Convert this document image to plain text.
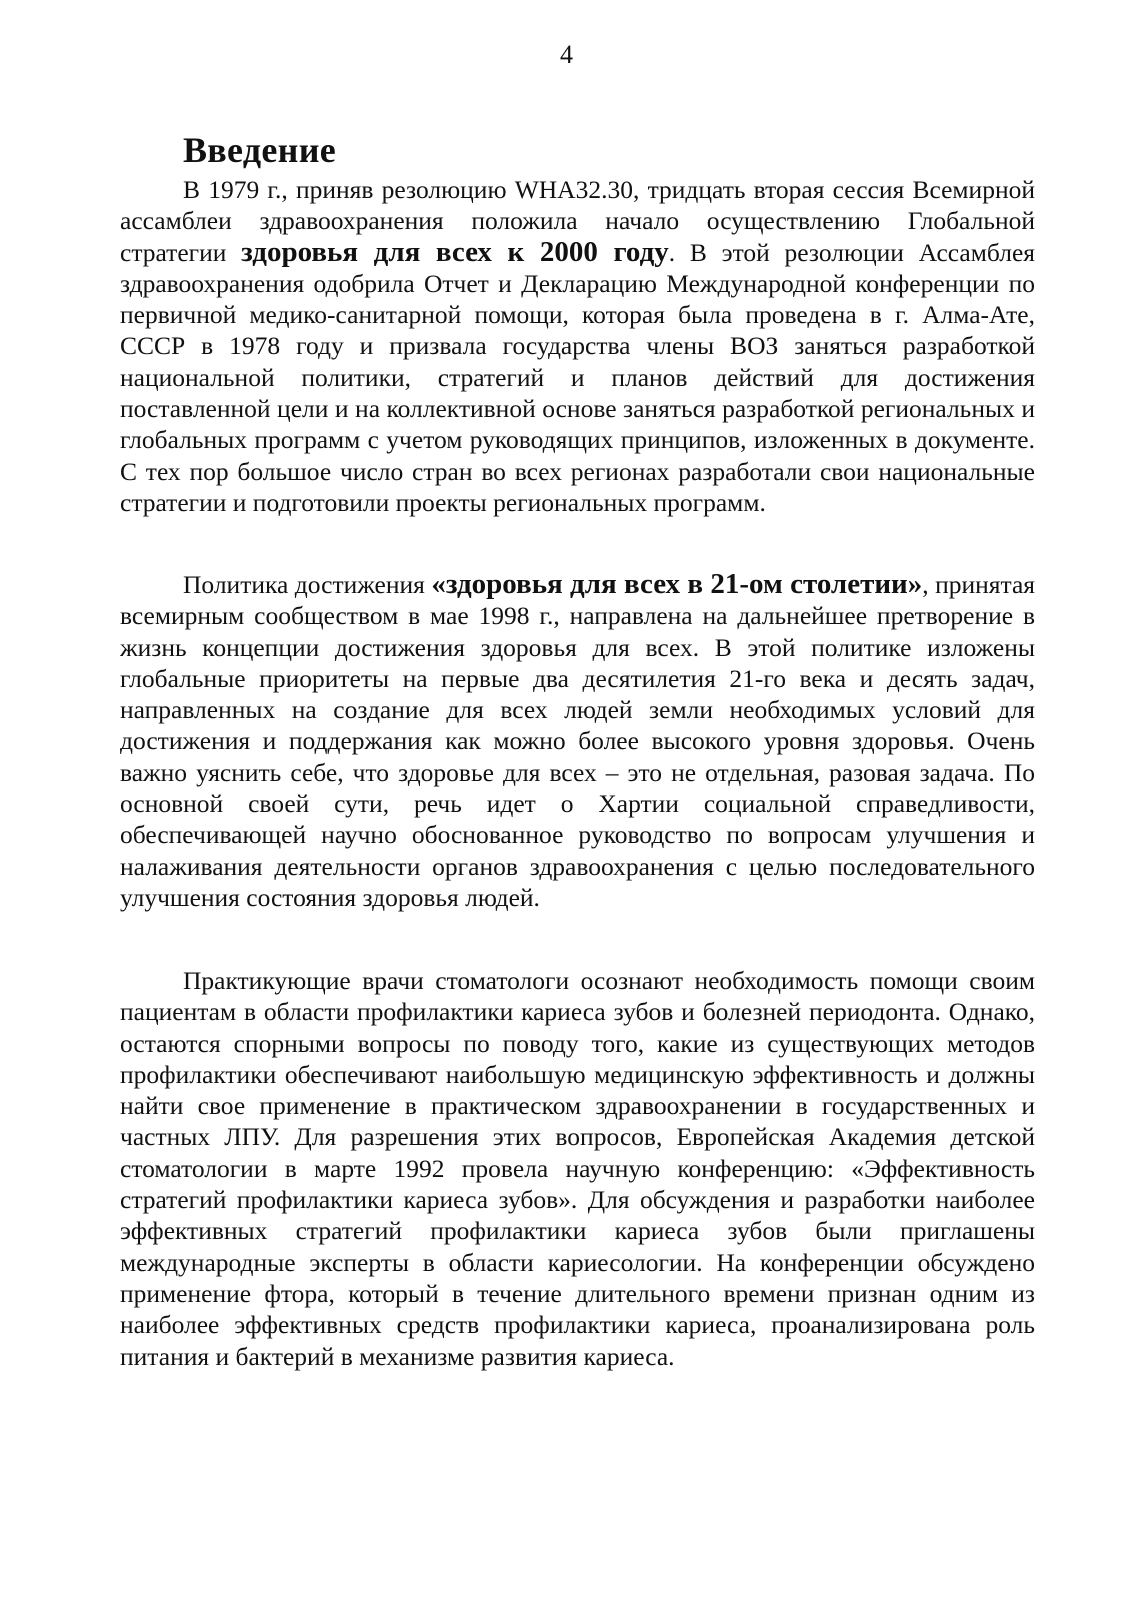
4
Введение

В 1979 г., приняв резолюцию WHA32.30, тридцать вторая сессия Всемирной ассамблеи здравоохранения положила начало осуществлению Глобальной стратегии здоровья для всех к 2000 году. В этой резолюции Ассамблея здравоохранения одобрила Отчет и Декларацию Международной конференции по первичной медико-санитарной помощи, которая была проведена в г. Алма-Ате, СССР в 1978 году и призвала государства члены ВОЗ заняться разработкой национальной политики, стратегий и планов действий для достижения поставленной цели и на коллективной основе заняться разработкой региональных и глобальных программ с учетом руководящих принципов, изложенных в документе. С тех пор большое число стран во всех регионах разработали свои национальные стратегии и подготовили проекты региональных программ.

Политика достижения «здоровья для всех в 21-ом столетии», принятая всемирным сообществом в мае 1998 г., направлена на дальнейшее претворение в жизнь концепции достижения здоровья для всех. В этой политике изложены глобальные приоритеты на первые два десятилетия 21-го века и десять задач, направленных на создание для всех людей земли необходимых условий для достижения и поддержания как можно более высокого уровня здоровья. Очень важно уяснить себе, что здоровье для всех – это не отдельная, разовая задача. По основной своей сути, речь идет о Хартии социальной справедливости, обеспечивающей научно обоснованное руководство по вопросам улучшения и налаживания деятельности органов здравоохранения с целью последовательного улучшения состояния здоровья людей.

Практикующие врачи стоматологи осознают необходимость помощи своим пациентам в области профилактики кариеса зубов и болезней периодонта. Однако, остаются спорными вопросы по поводу того, какие из существующих методов профилактики обеспечивают наибольшую медицинскую эффективность и должны найти свое применение в практическом здравоохранении в государственных и частных ЛПУ. Для разрешения этих вопросов, Европейская Академия детской стоматологии в марте 1992 провела научную конференцию: «Эффективность стратегий профилактики кариеса зубов». Для обсуждения и разработки наиболее эффективных стратегий профилактики кариеса зубов были приглашены международные эксперты в области кариесологии. На конференции обсуждено применение фтора, который в течение длительного времени признан одним из наиболее эффективных средств профилактики кариеса, проанализирована роль питания и бактерий в механизме развития кариеса.
